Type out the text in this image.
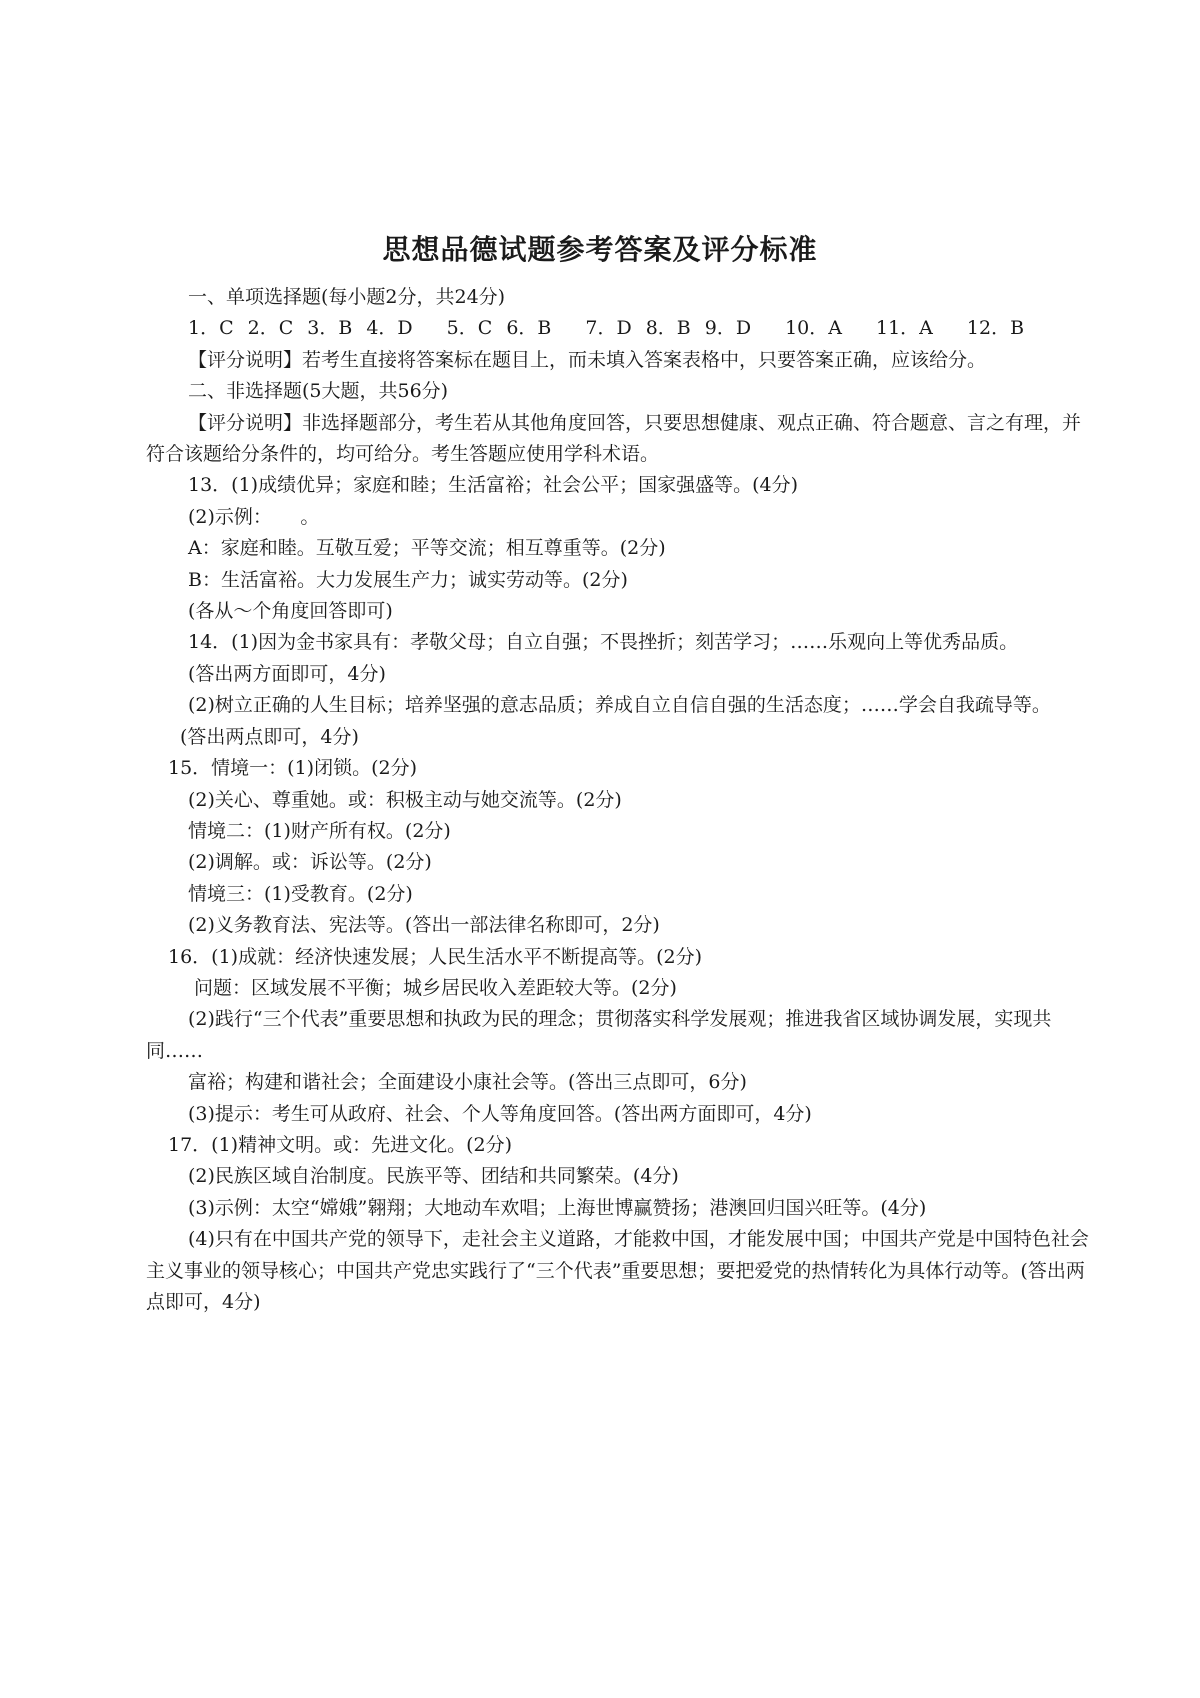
思想品德试题参考答案及评分标准
一、单项选择题(每小题2分，共24分)
1．C 2．C 3．B 4．D 5．C 6．B 7．D 8．B 9．D 10．A 11．A 12．B
【评分说明】若考生直接将答案标在题目上，而未填入答案表格中，只要答案正确，应该给分。
二、非选择题(5大题，共56分)
【评分说明】非选择题部分，考生若从其他角度回答，只要思想健康、观点正确、符合题意、言之有理，并符合该题给分条件的，均可给分。考生答题应使用学科术语。
13．(1)成绩优异；家庭和睦；生活富裕；社会公平；国家强盛等。(4分)
(2)示例：　　。
A：家庭和睦。互敬互爱；平等交流；相互尊重等。(2分)
B：生活富裕。大力发展生产力；诚实劳动等。(2分)
(各从～个角度回答即可)
14．(1)因为金书家具有：孝敬父母；自立自强；不畏挫折；刻苦学习；……乐观向上等优秀品质。
(答出两方面即可，4分)
(2)树立正确的人生目标；培养坚强的意志品质；养成自立自信自强的生活态度；……学会自我疏导等。
(答出两点即可，4分)
15．情境一：(1)闭锁。(2分)
(2)关心、尊重她。或：积极主动与她交流等。(2分)
情境二：(1)财产所有权。(2分)
(2)调解。或：诉讼等。(2分)
情境三：(1)受教育。(2分)
(2)义务教育法、宪法等。(答出一部法律名称即可，2分)
16．(1)成就：经济快速发展；人民生活水平不断提高等。(2分)
问题：区域发展不平衡；城乡居民收入差距较大等。(2分)
(2)践行“三个代表”重要思想和执政为民的理念；贯彻落实科学发展观；推进我省区域协调发展，实现共同……
富裕；构建和谐社会；全面建设小康社会等。(答出三点即可，6分)
(3)提示：考生可从政府、社会、个人等角度回答。(答出两方面即可，4分)
17．(1)精神文明。或：先进文化。(2分)
(2)民族区域自治制度。民族平等、团结和共同繁荣。(4分)
(3)示例：太空“嫦娥”翱翔；大地动车欢唱；上海世博赢赞扬；港澳回归国兴旺等。(4分)
(4)只有在中国共产党的领导下，走社会主义道路，才能救中国，才能发展中国；中国共产党是中国特色社会主义事业的领导核心；中国共产党忠实践行了“三个代表”重要思想；要把爱党的热情转化为具体行动等。(答出两点即可，4分)
